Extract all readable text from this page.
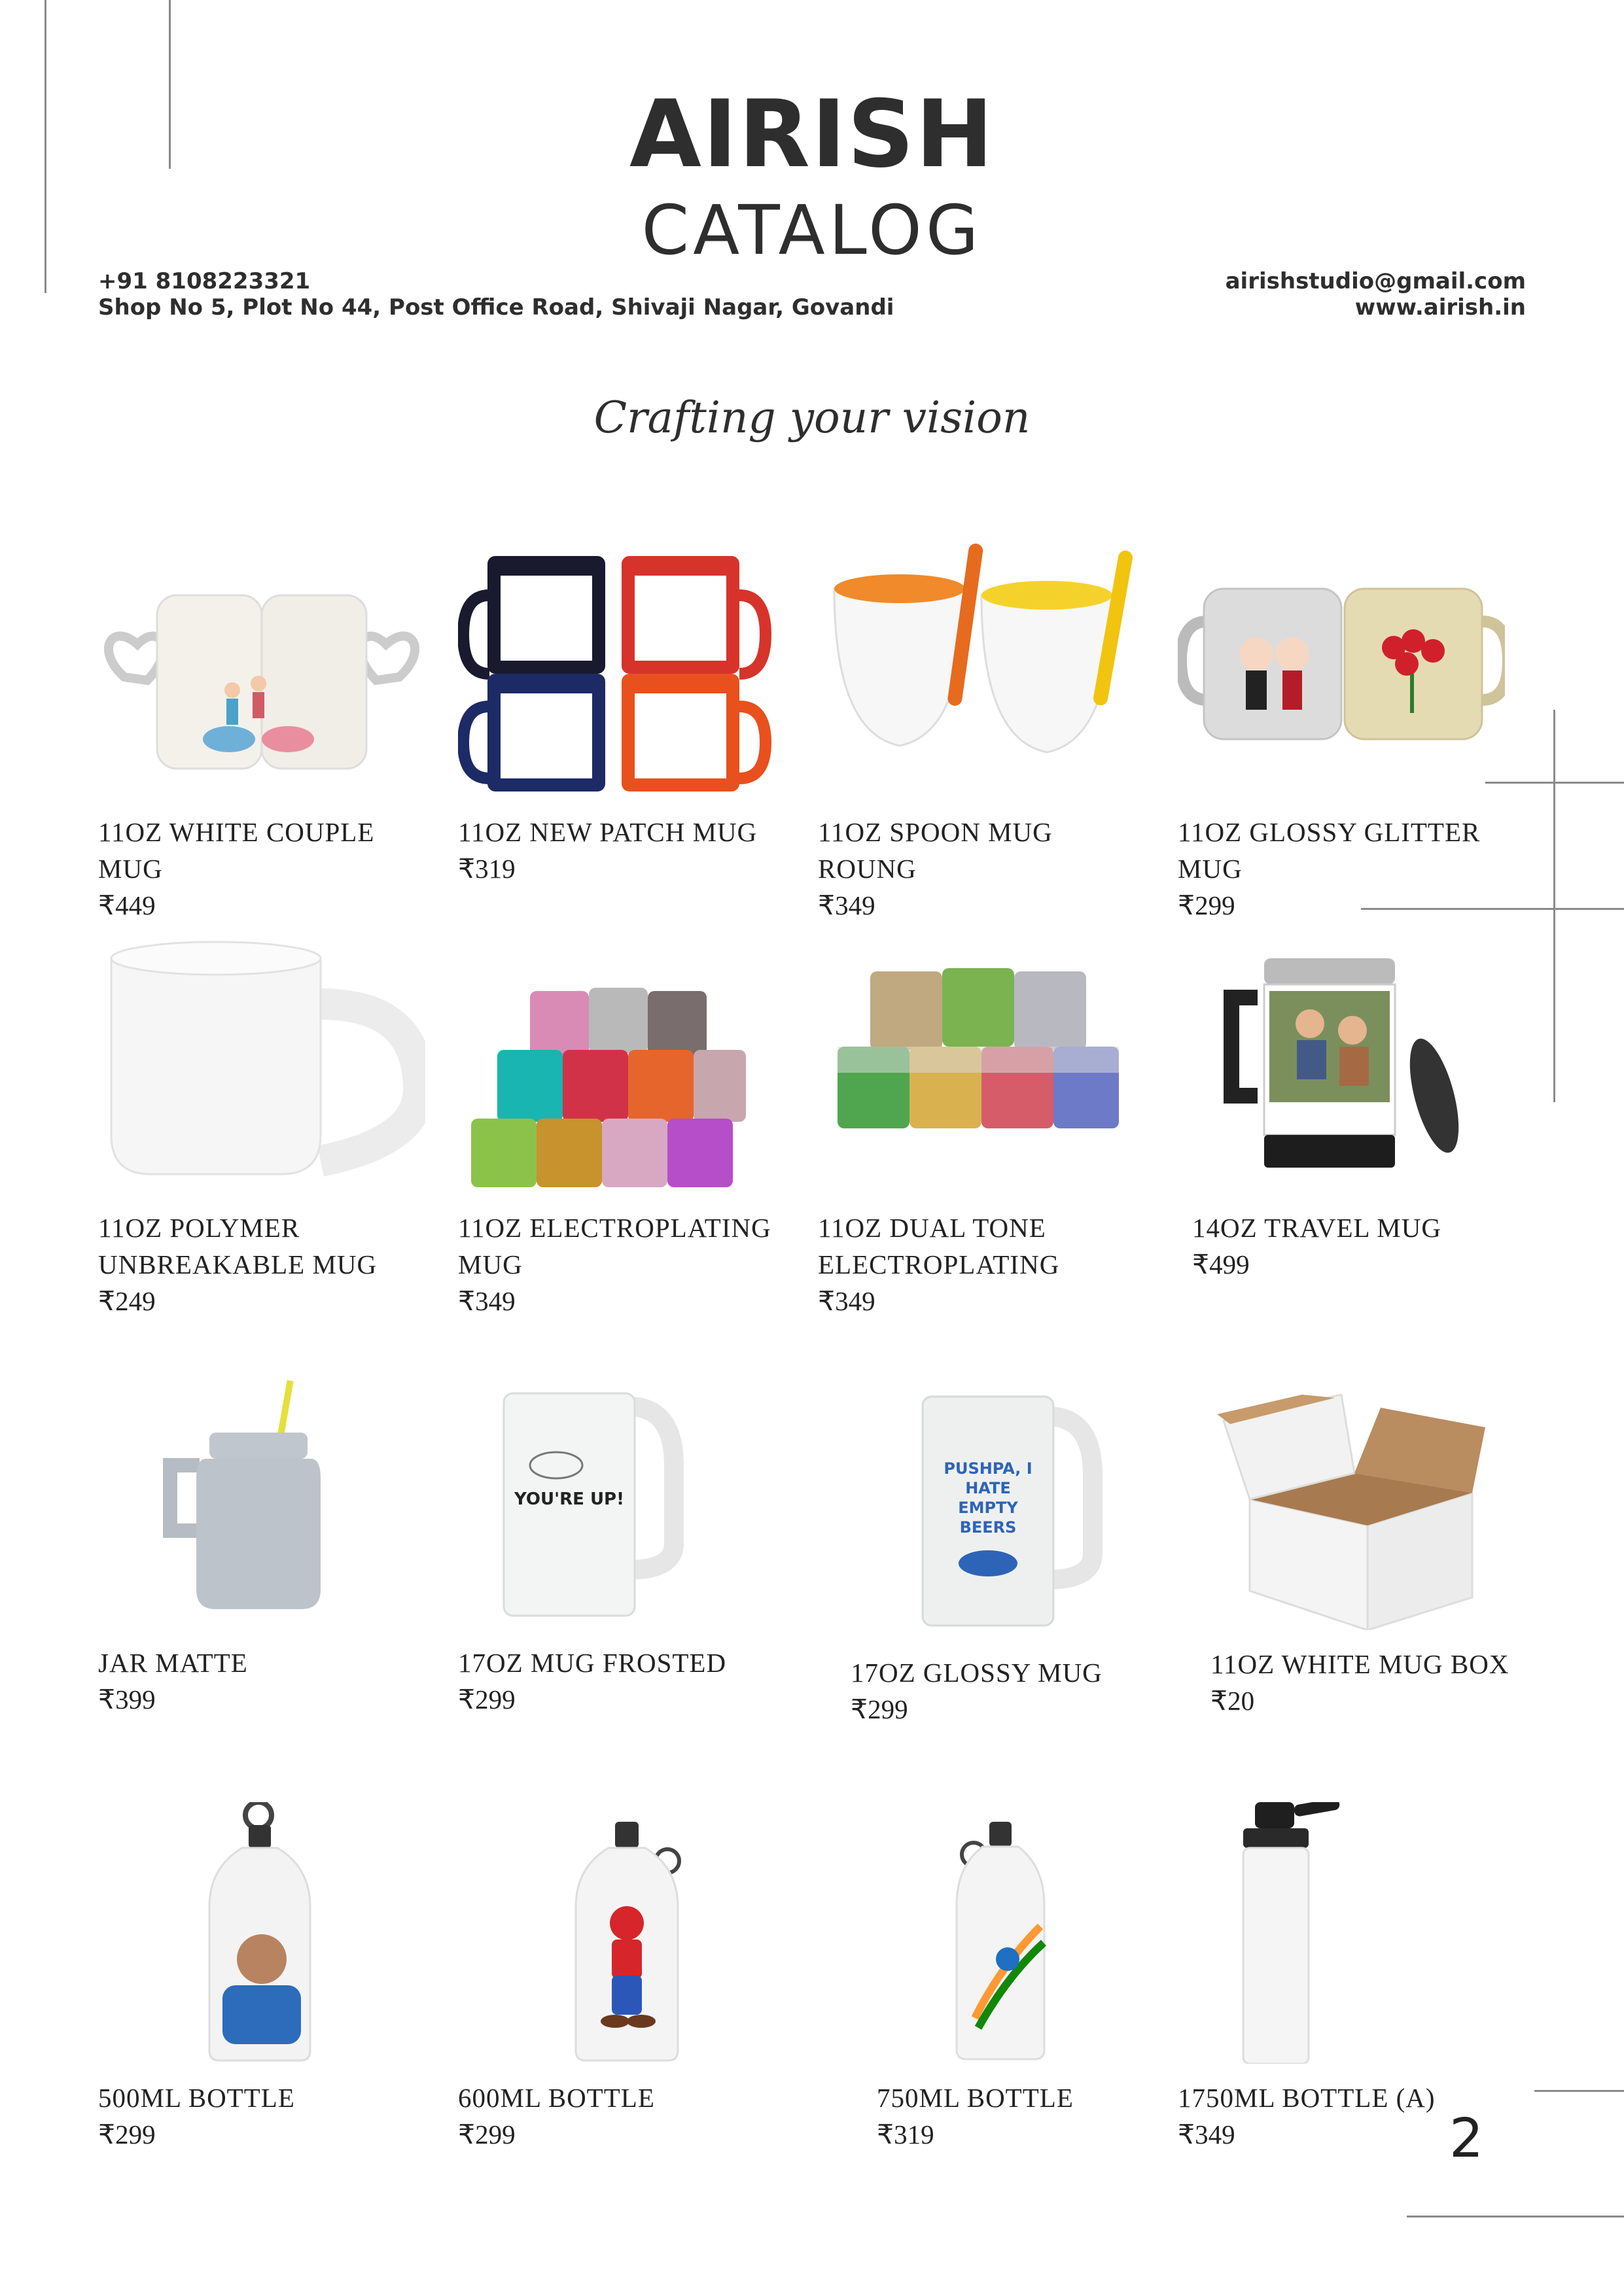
AIRISH
CATALOG
+91 8108223321
Shop No 5, Plot No 44, Post Office Road, Shivaji Nagar, Govandi
airishstudio@gmail.com
www.airish.in
Crafting your vision
11OZ WHITE COUPLE MUG
₹449
11OZ NEW PATCH MUG
₹319
11OZ SPOON MUG ROUNG
₹349
11OZ GLOSSY GLITTER MUG
₹299
11OZ POLYMER UNBREAKABLE MUG
₹249
11OZ ELECTROPLATING MUG
₹349
11OZ DUAL TONE ELECTROPLATING
₹349
14OZ TRAVEL MUG
₹499
JAR MATTE
₹399
YOU'RE UP!
17OZ MUG FROSTED
₹299
PUSHPA, I HATE EMPTY BEERS
17OZ GLOSSY MUG
₹299
11OZ WHITE MUG BOX
₹20
500ML BOTTLE
₹299
600ML BOTTLE
₹299
750ML BOTTLE
₹319
1750ML BOTTLE (A)
₹349	2
